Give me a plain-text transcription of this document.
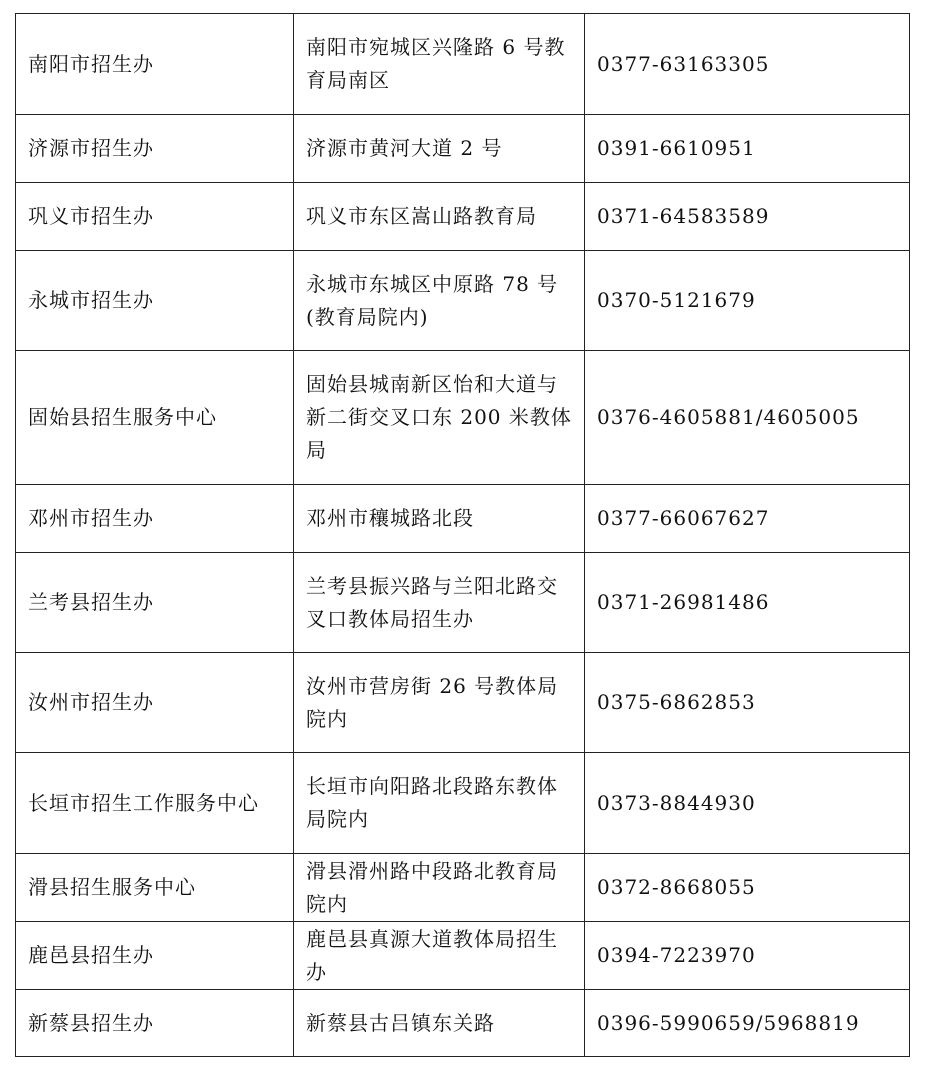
南阳市招生办	南阳市宛城区兴隆路 6 号教育局南区	0377-63163305
济源市招生办	济源市黄河大道 2 号	0391-6610951
巩义市招生办	巩义市东区嵩山路教育局	0371-64583589
永城市招生办	永城市东城区中原路 78 号(教育局院内)	0370-5121679
固始县招生服务中心	固始县城南新区怡和大道与新二街交叉口东 200 米教体局	0376-4605881/4605005
邓州市招生办	邓州市穰城路北段	0377-66067627
兰考县招生办	兰考县振兴路与兰阳北路交叉口教体局招生办	0371-26981486
汝州市招生办	汝州市营房街 26 号教体局院内	0375-6862853
长垣市招生工作服务中心	长垣市向阳路北段路东教体局院内	0373-8844930
滑县招生服务中心	滑县滑州路中段路北教育局院内	0372-8668055
鹿邑县招生办	鹿邑县真源大道教体局招生办	0394-7223970
新蔡县招生办	新蔡县古吕镇东关路	0396-5990659/5968819
